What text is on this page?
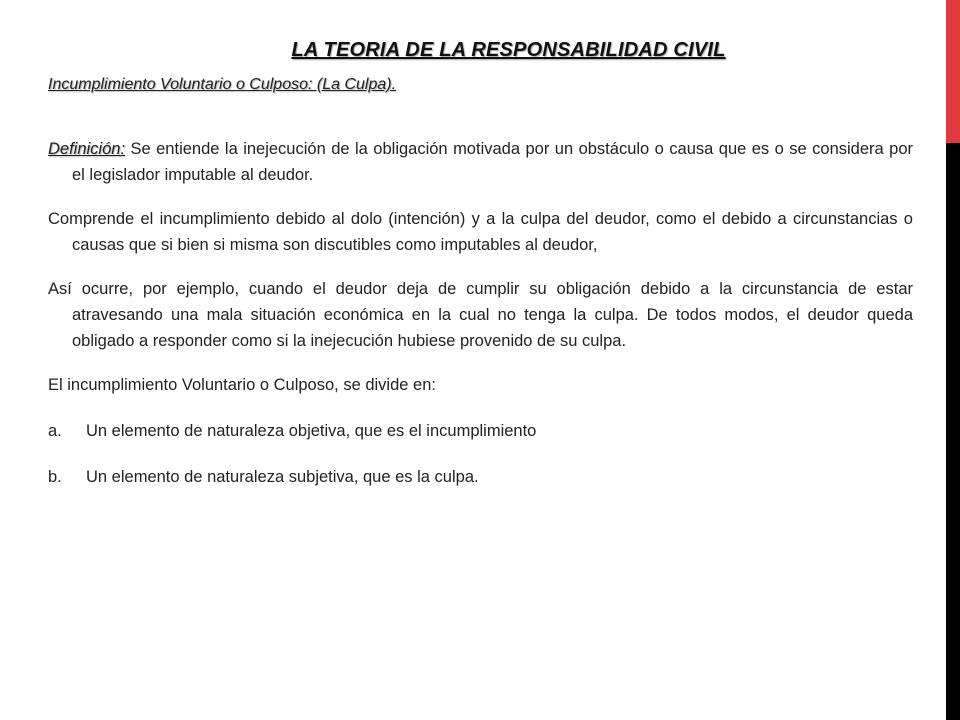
LA TEORIA DE LA RESPONSABILIDAD CIVIL

Incumplimiento Voluntario o Culposo: (La Culpa).

Definición: Se entiende la inejecución de la obligación motivada por un obstáculo o causa que es o se considera por el legislador imputable al deudor.

Comprende el incumplimiento debido al dolo (intención) y a la culpa del deudor, como el debido a circunstancias o causas que si bien si misma son discutibles como imputables al deudor,

Así ocurre, por ejemplo, cuando el deudor deja de cumplir su obligación debido a la circunstancia de estar atravesando una mala situación económica en la cual no tenga la culpa. De todos modos, el deudor queda obligado a responder como si la inejecución hubiese provenido de su culpa.

El incumplimiento Voluntario o Culposo, se divide en:

a.	Un elemento de naturaleza objetiva, que es el incumplimiento
b.	Un elemento de naturaleza subjetiva, que es la culpa.
